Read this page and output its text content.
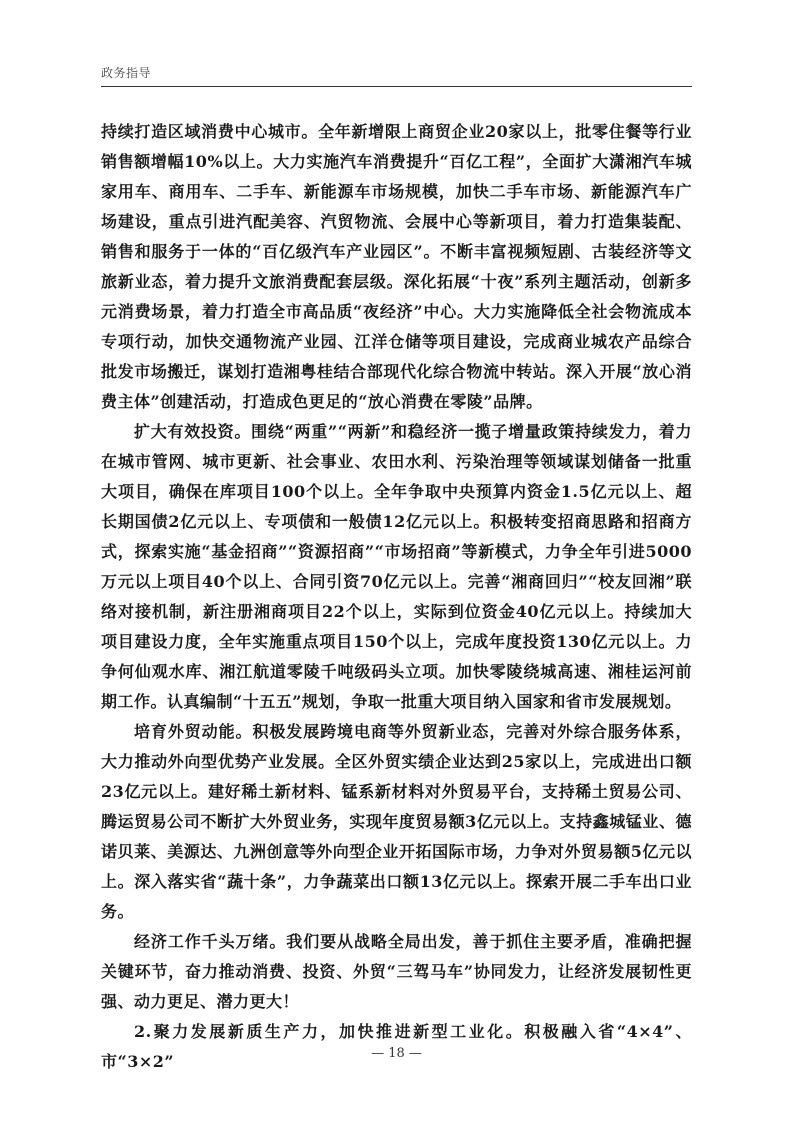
政务指导

持续打造区域消费中心城市。全年新增限上商贸企业20家以上，批零住餐等行业销售额增幅10%以上。大力实施汽车消费提升“百亿工程”，全面扩大潇湘汽车城家用车、商用车、二手车、新能源车市场规模，加快二手车市场、新能源汽车广场建设，重点引进汽配美容、汽贸物流、会展中心等新项目，着力打造集装配、销售和服务于一体的“百亿级汽车产业园区”。不断丰富视频短剧、古装经济等文旅新业态，着力提升文旅消费配套层级。深化拓展“十夜”系列主题活动，创新多元消费场景，着力打造全市高品质“夜经济”中心。大力实施降低全社会物流成本专项行动，加快交通物流产业园、江洋仓储等项目建设，完成商业城农产品综合批发市场搬迁，谋划打造湘粤桂结合部现代化综合物流中转站。深入开展“放心消费主体”创建活动，打造成色更足的“放心消费在零陵”品牌。

扩大有效投资。围绕“两重”“两新”和稳经济一揽子增量政策持续发力，着力在城市管网、城市更新、社会事业、农田水利、污染治理等领域谋划储备一批重大项目，确保在库项目100个以上。全年争取中央预算内资金1.5亿元以上、超长期国债2亿元以上、专项债和一般债12亿元以上。积极转变招商思路和招商方式，探索实施“基金招商”“资源招商”“市场招商”等新模式，力争全年引进5000万元以上项目40个以上、合同引资70亿元以上。完善“湘商回归”“校友回湘”联络对接机制，新注册湘商项目22个以上，实际到位资金40亿元以上。持续加大项目建设力度，全年实施重点项目150个以上，完成年度投资130亿元以上。力争何仙观水库、湘江航道零陵千吨级码头立项。加快零陵绕城高速、湘桂运河前期工作。认真编制“十五五”规划，争取一批重大项目纳入国家和省市发展规划。

培育外贸动能。积极发展跨境电商等外贸新业态，完善对外综合服务体系，大力推动外向型优势产业发展。全区外贸实绩企业达到25家以上，完成进出口额23亿元以上。建好稀土新材料、锰系新材料对外贸易平台，支持稀土贸易公司、腾运贸易公司不断扩大外贸业务，实现年度贸易额3亿元以上。支持鑫城锰业、德诺贝莱、美源达、九洲创意等外向型企业开拓国际市场，力争对外贸易额5亿元以上。深入落实省“蔬十条”，力争蔬菜出口额13亿元以上。探索开展二手车出口业务。

经济工作千头万绪。我们要从战略全局出发，善于抓住主要矛盾，准确把握关键环节，奋力推动消费、投资、外贸“三驾马车”协同发力，让经济发展韧性更强、动力更足、潜力更大！

2.聚力发展新质生产力，加快推进新型工业化。积极融入省“4×4”、市“3×2”	— 18 —
